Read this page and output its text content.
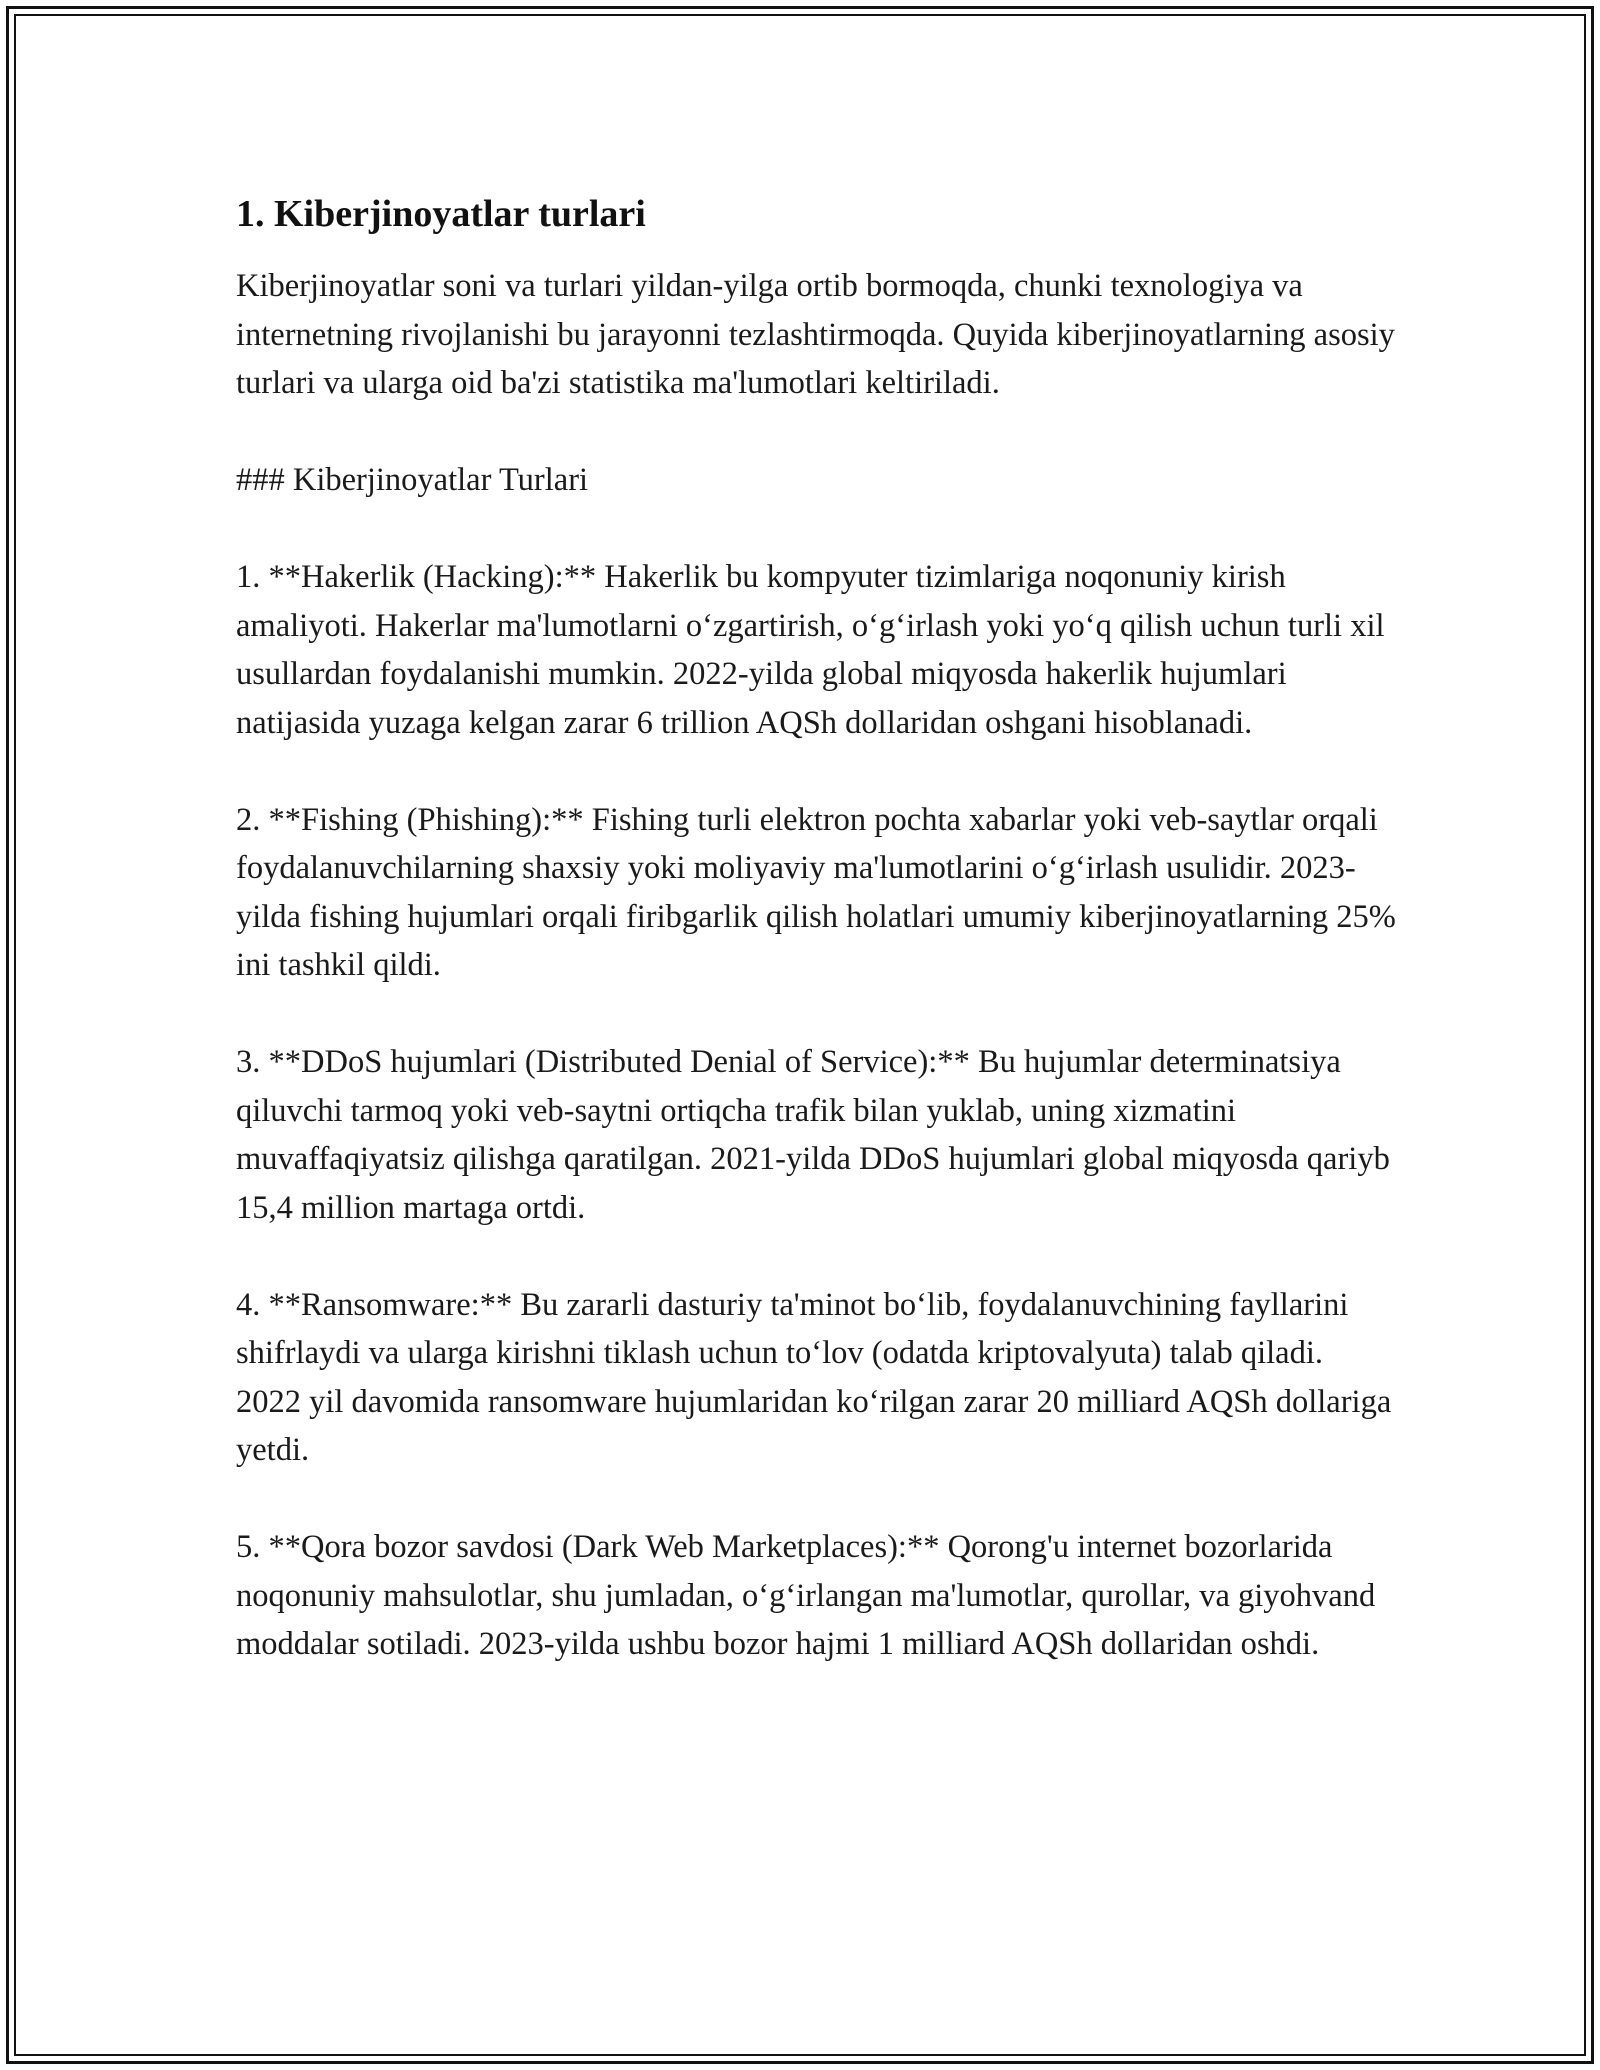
1. Kiberjinoyatlar turlari

Kiberjinoyatlar soni va turlari yildan-yilga ortib bormoqda, chunki texnologiya va internetning rivojlanishi bu jarayonni tezlashtirmoqda. Quyida kiberjinoyatlarning asosiy turlari va ularga oid ba'zi statistika ma'lumotlari keltiriladi.

### Kiberjinoyatlar Turlari

1. **Hakerlik (Hacking):** Hakerlik bu kompyuter tizimlariga noqonuniy kirish amaliyoti. Hakerlar ma'lumotlarni o‘zgartirish, o‘g‘irlash yoki yo‘q qilish uchun turli xil usullardan foydalanishi mumkin. 2022-yilda global miqyosda hakerlik hujumlari natijasida yuzaga kelgan zarar 6 trillion AQSh dollaridan oshgani hisoblanadi.

2. **Fishing (Phishing):** Fishing turli elektron pochta xabarlar yoki veb-saytlar orqali foydalanuvchilarning shaxsiy yoki moliyaviy ma'lumotlarini o‘g‘irlash usulidir. 2023-yilda fishing hujumlari orqali firibgarlik qilish holatlari umumiy kiberjinoyatlarning 25% ini tashkil qildi.

3. **DDoS hujumlari (Distributed Denial of Service):** Bu hujumlar determinatsiya qiluvchi tarmoq yoki veb-saytni ortiqcha trafik bilan yuklab, uning xizmatini muvaffaqiyatsiz qilishga qaratilgan. 2021-yilda DDoS hujumlari global miqyosda qariyb 15,4 million martaga ortdi.

4. **Ransomware:** Bu zararli dasturiy ta'minot bo‘lib, foydalanuvchining fayllarini shifrlaydi va ularga kirishni tiklash uchun to‘lov (odatda kriptovalyuta) talab qiladi. 2022 yil davomida ransomware hujumlaridan ko‘rilgan zarar 20 milliard AQSh dollariga yetdi.

5. **Qora bozor savdosi (Dark Web Marketplaces):** Qorong'u internet bozorlarida noqonuniy mahsulotlar, shu jumladan, o‘g‘irlangan ma'lumotlar, qurollar, va giyohvand moddalar sotiladi. 2023-yilda ushbu bozor hajmi 1 milliard AQSh dollaridan oshdi.
